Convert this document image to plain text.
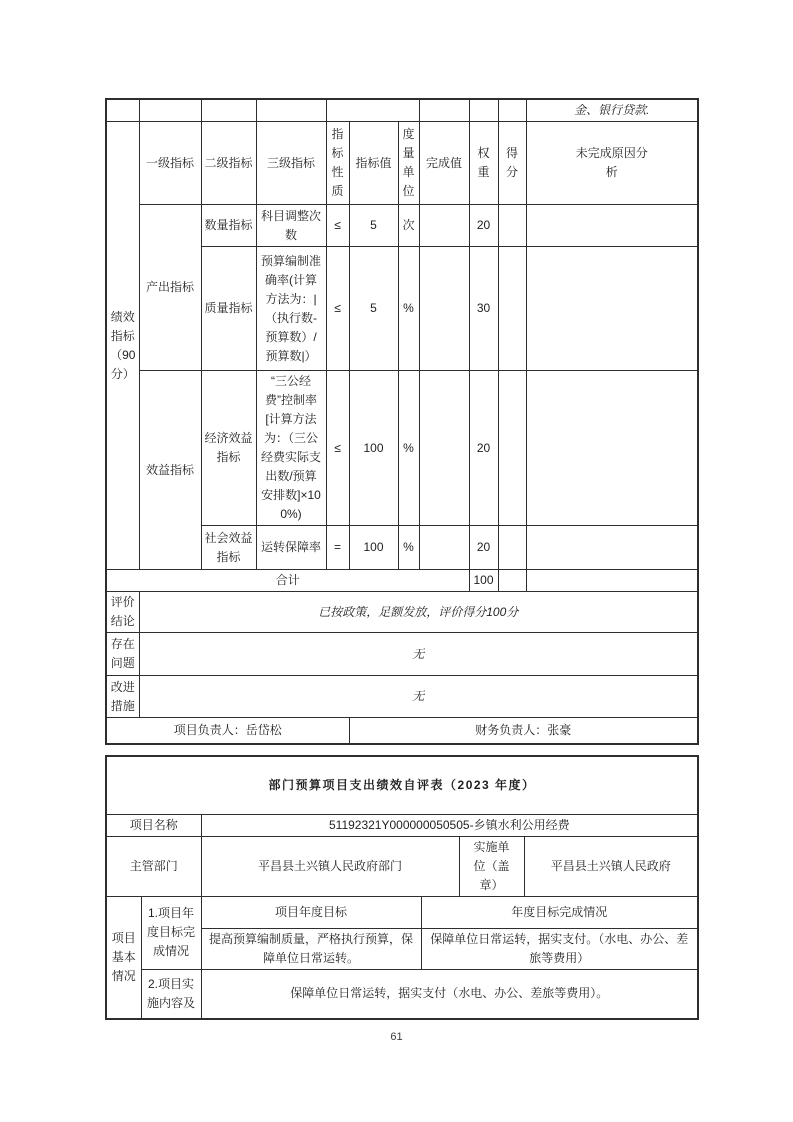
										金、银行贷款.
绩效指标（90分）	一级指标	二级指标	三级指标	指标性质	指标值	度量单位	完成值	权重	得分	未完成原因分析

	产出指标	数量指标	科目调整次数	≤	5	次		20		
		质量指标	预算编制准确率(计算方法为：|（执行数-预算数）/预算数|）	≤	5	%		30		
	效益指标	经济效益指标	“三公经费”控制率[计算方法为：（三公经费实际支出数/预算安排数]×100%)	≤	100	%		20		
		社会效益指标	运转保障率	=	100	%		20		
合计								100		
评价结论	已按政策，足额发放，评价得分100分									
存在问题	无									
改进措施	无									
项目负责人：岳岱松					财务负责人：张豪					
部门预算项目支出绩效自评表（2023 年度）					
项目名称		51192321Y000000050505-乡镇水利公用经费			
主管部门		平昌县土兴镇人民政府部门		实施单位（盖章）	平昌县土兴镇人民政府
项目基本情况	1.项目年度目标完成情况	项目年度目标	年度目标完成情况		
		提高预算编制质量，严格执行预算，保障单位日常运转。	保障单位日常运转，据实支付。（水电、办公、差旅等费用）		
	2.项目实施内容及	保障单位日常运转，据实支付（水电、办公、差旅等费用）。			
61
